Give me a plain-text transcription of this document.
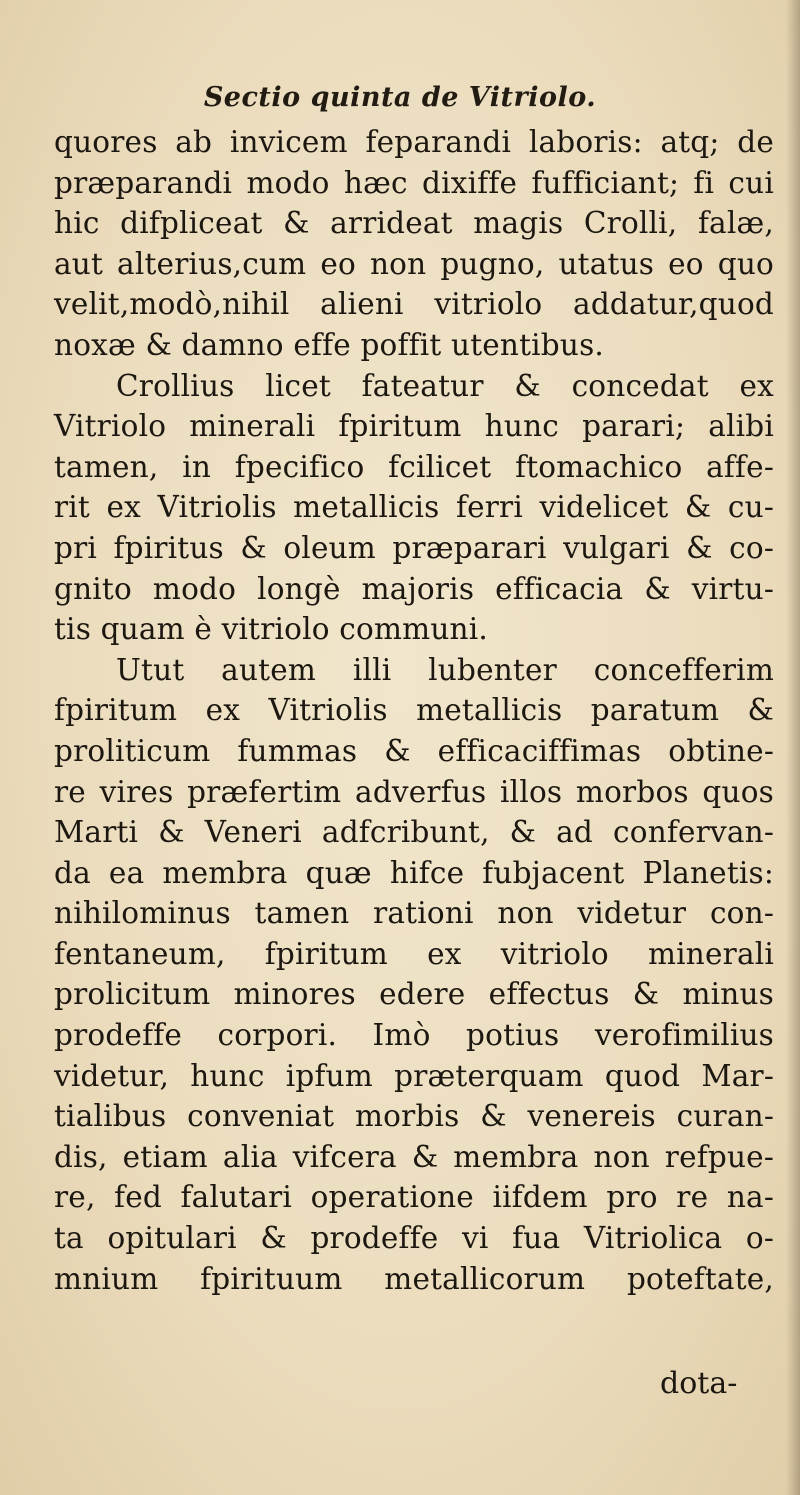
Sectio quinta de Vitriolo.
quores ab invicem feparandi laboris: atq; de
præparandi modo hæc dixiffe fufficiant; fi cui
hic difpliceat & arrideat magis Crolli, falæ,
aut alterius,cum eo non pugno, utatus eo quo
velit,modò,nihil alieni vitriolo addatur,quod
noxæ & damno effe poffit utentibus.
Crollius licet fateatur & concedat ex
Vitriolo minerali fpiritum hunc parari; alibi
tamen, in fpecifico fcilicet ftomachico affe-
rit ex Vitriolis metallicis ferri videlicet & cu-
pri fpiritus & oleum præparari vulgari & co-
gnito modo longè majoris efficacia & virtu-
tis quam è vitriolo communi.
Utut autem illi lubenter concefferim
fpiritum ex Vitriolis metallicis paratum &
proliticum fummas & efficaciffimas obtine-
re vires præfertim adverfus illos morbos quos
Marti & Veneri adfcribunt, & ad confervan-
da ea membra quæ hifce fubjacent Planetis:
nihilominus tamen rationi non videtur con-
fentaneum, fpiritum ex vitriolo minerali
prolicitum minores edere effectus & minus
prodeffe corpori. Imò potius verofimilius
videtur, hunc ipfum præterquam quod Mar-
tialibus conveniat morbis & venereis curan-
dis, etiam alia vifcera & membra non refpue-
re, fed falutari operatione iifdem pro re na-
ta opitulari & prodeffe vi fua Vitriolica o-
mnium fpirituum metallicorum poteftate,
dota-
